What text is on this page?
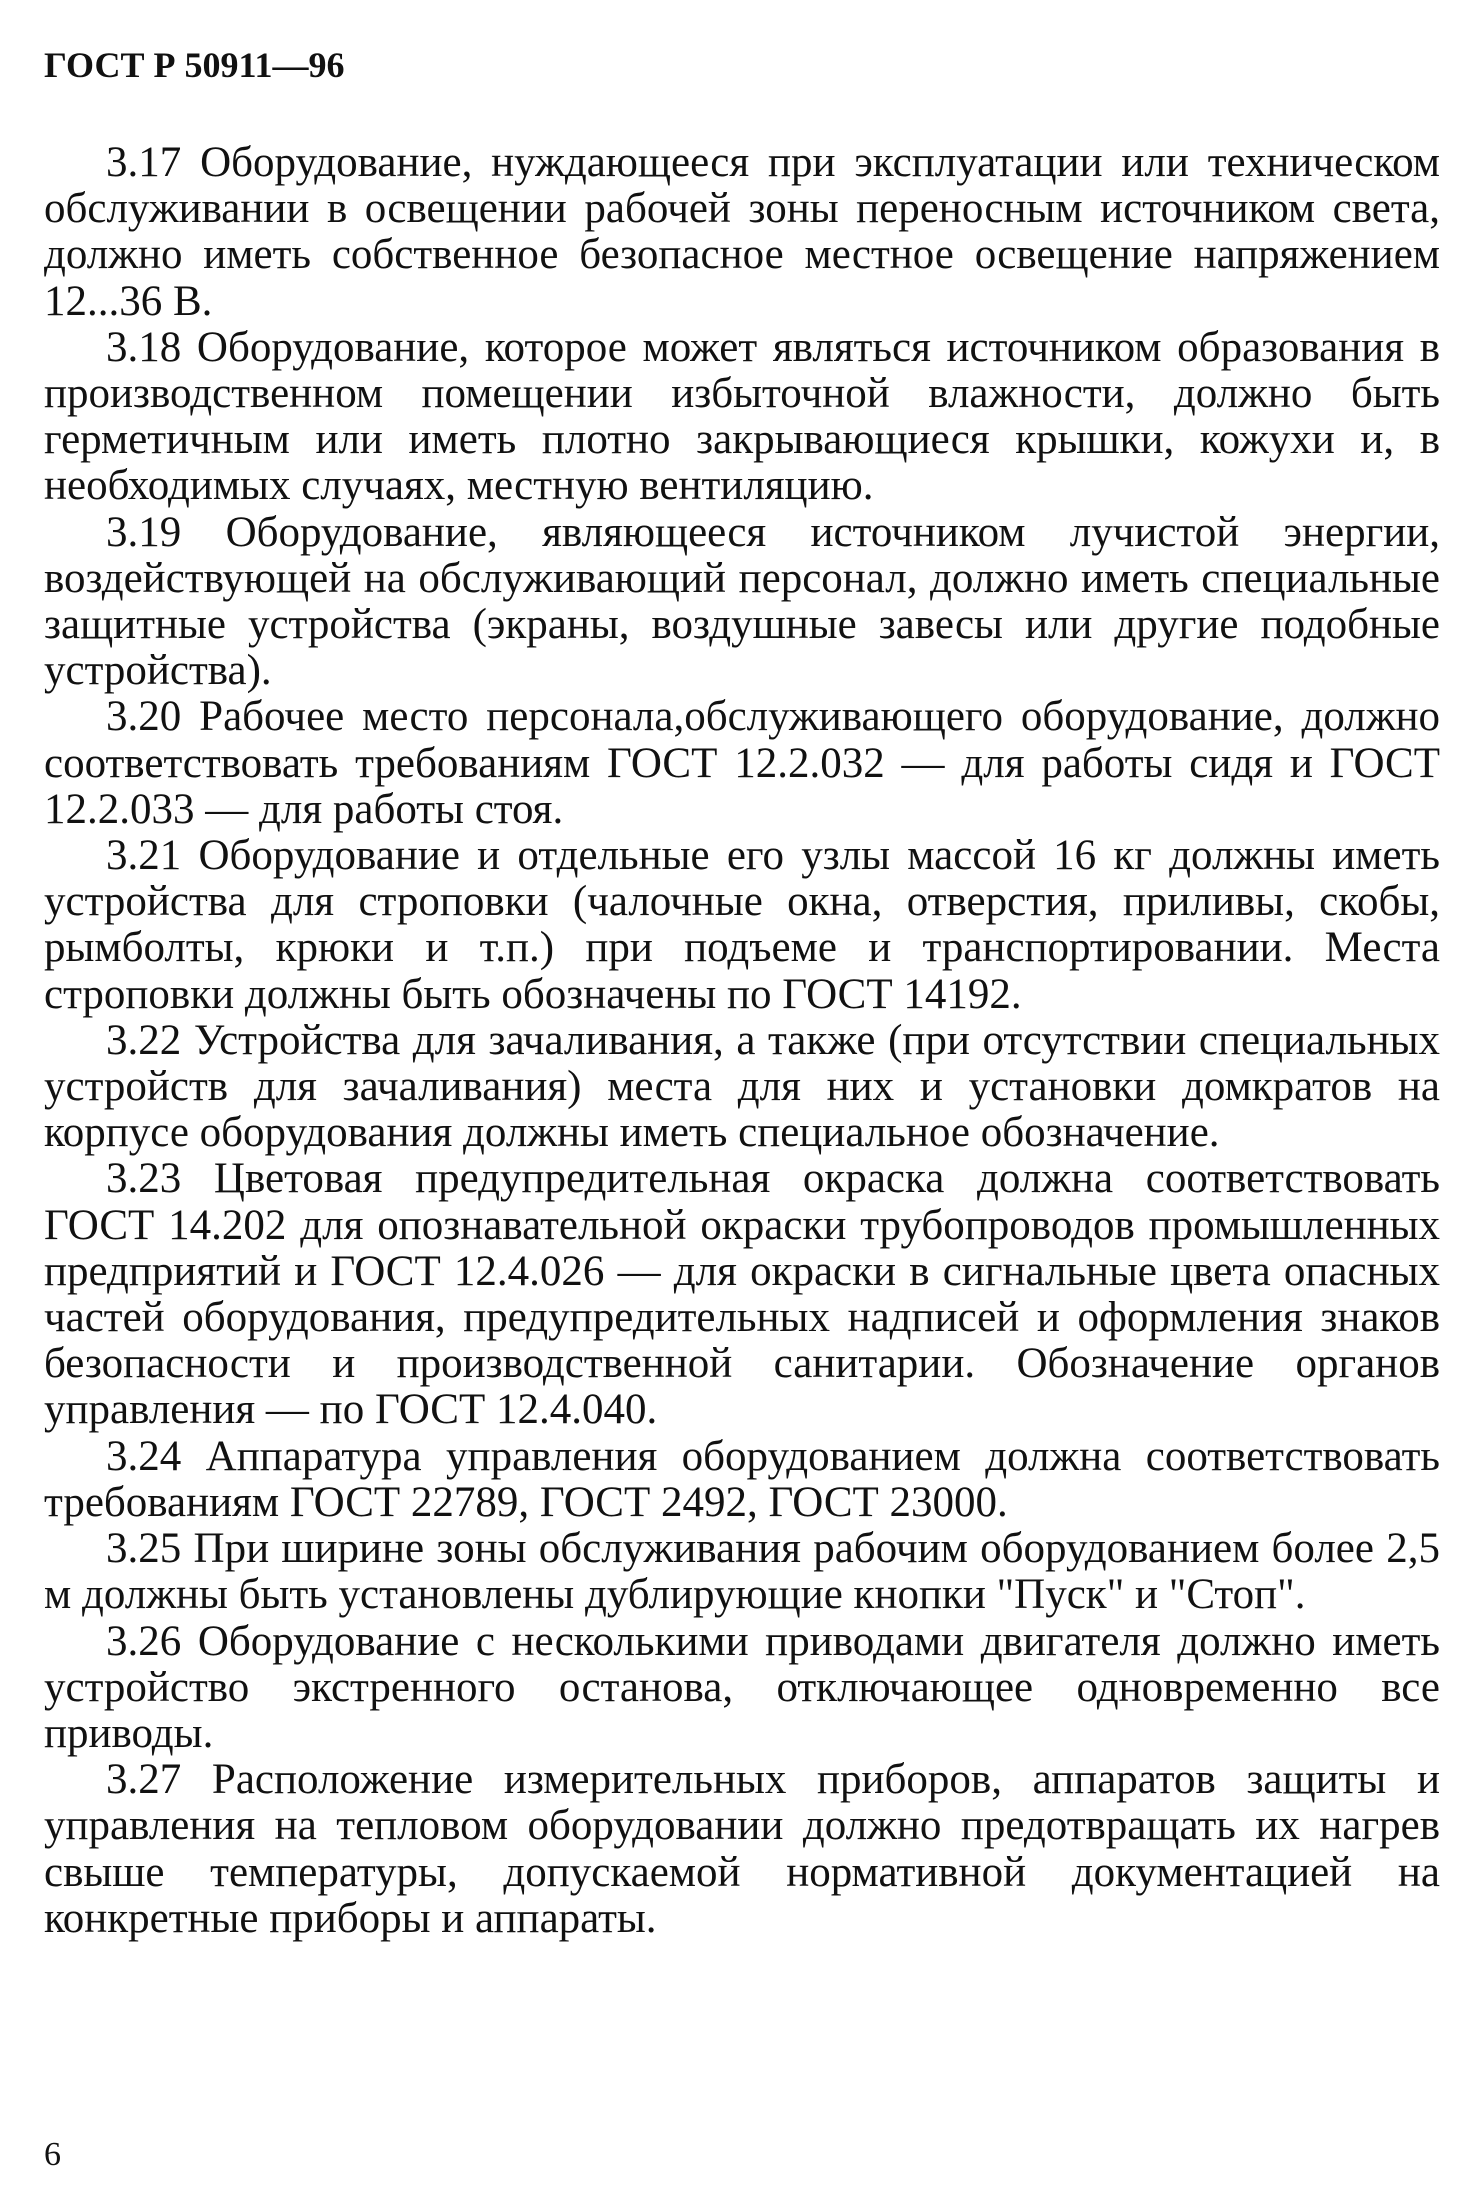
ГОСТ Р 50911—96

3.17 Оборудование, нуждающееся при эксплуатации или техническом обслуживании в освещении рабочей зоны переносным источником света, должно иметь собственное безопасное местное освещение напряжением 12...36 В.

3.18 Оборудование, которое может являться источником образования в производственном помещении избыточной влажности, должно быть герметичным или иметь плотно закрывающиеся крышки, кожухи и, в необходимых случаях, местную вентиляцию.

3.19 Оборудование, являющееся источником лучистой энергии, воздействующей на обслуживающий персонал, должно иметь специальные защитные устройства (экраны, воздушные завесы или другие подобные устройства).

3.20 Рабочее место персонала,обслуживающего оборудование, должно соответствовать требованиям ГОСТ 12.2.032 — для работы сидя и ГОСТ 12.2.033 — для работы стоя.

3.21 Оборудование и отдельные его узлы массой 16 кг должны иметь устройства для строповки (чалочные окна, отверстия, приливы, скобы, рымболты, крюки и т.п.) при подъеме и транспортировании. Места строповки должны быть обозначены по ГОСТ 14192.

3.22 Устройства для зачаливания, а также (при отсутствии специальных устройств для зачаливания) места для них и установки домкратов на корпусе оборудования должны иметь специальное обозначение.

3.23 Цветовая предупредительная окраска должна соответствовать ГОСТ 14.202 для опознавательной окраски трубопроводов промышленных предприятий и ГОСТ 12.4.026 — для окраски в сигнальные цвета опасных частей оборудования, предупредительных надписей и оформления знаков безопасности и производственной санитарии. Обозначение органов управления — по ГОСТ 12.4.040.

3.24 Аппаратура управления оборудованием должна соответствовать требованиям ГОСТ 22789, ГОСТ 2492, ГОСТ 23000.

3.25 При ширине зоны обслуживания рабочим оборудованием более 2,5 м должны быть установлены дублирующие кнопки "Пуск" и "Стоп".

3.26 Оборудование с несколькими приводами двигателя должно иметь устройство экстренного останова, отключающее одновременно все приводы.

3.27 Расположение измерительных приборов, аппаратов защиты и управления на тепловом оборудовании должно предотвращать их нагрев свыше температуры, допускаемой нормативной документацией на конкретные приборы и аппараты.

6
